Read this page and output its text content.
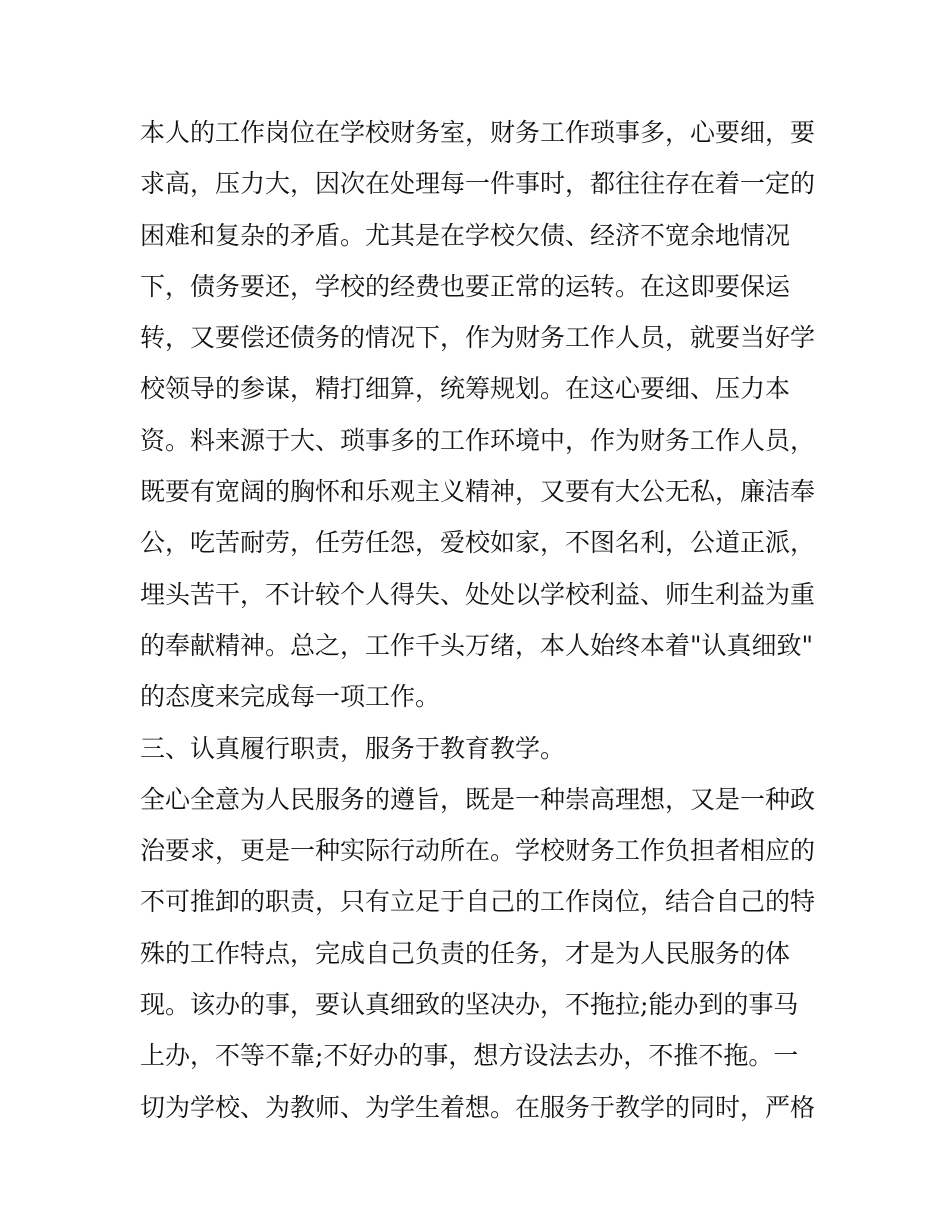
本人的工作岗位在学校财务室，财务工作琐事多，心要细，要
求高，压力大，因次在处理每一件事时，都往往存在着一定的
困难和复杂的矛盾。尤其是在学校欠债、经济不宽余地情况
下，债务要还，学校的经费也要正常的运转。在这即要保运
转，又要偿还债务的情况下，作为财务工作人员，就要当好学
校领导的参谋，精打细算，统筹规划。在这心要细、压力本
资。料来源于大、琐事多的工作环境中，作为财务工作人员，
既要有宽阔的胸怀和乐观主义精神，又要有大公无私，廉洁奉
公，吃苦耐劳，任劳任怨，爱校如家，不图名利，公道正派，
埋头苦干，不计较个人得失、处处以学校利益、师生利益为重
的奉献精神。总之，工作千头万绪，本人始终本着"认真细致"
的态度来完成每一项工作。
三、认真履行职责，服务于教育教学。
全心全意为人民服务的遵旨，既是一种崇高理想，又是一种政
治要求，更是一种实际行动所在。学校财务工作负担者相应的
不可推卸的职责，只有立足于自己的工作岗位，结合自己的特
殊的工作特点，完成自己负责的任务，才是为人民服务的体
现。该办的事，要认真细致的坚决办，不拖拉;能办到的事马
上办，不等不靠;不好办的事，想方设法去办，不推不拖。一
切为学校、为教师、为学生着想。在服务于教学的同时，严格
